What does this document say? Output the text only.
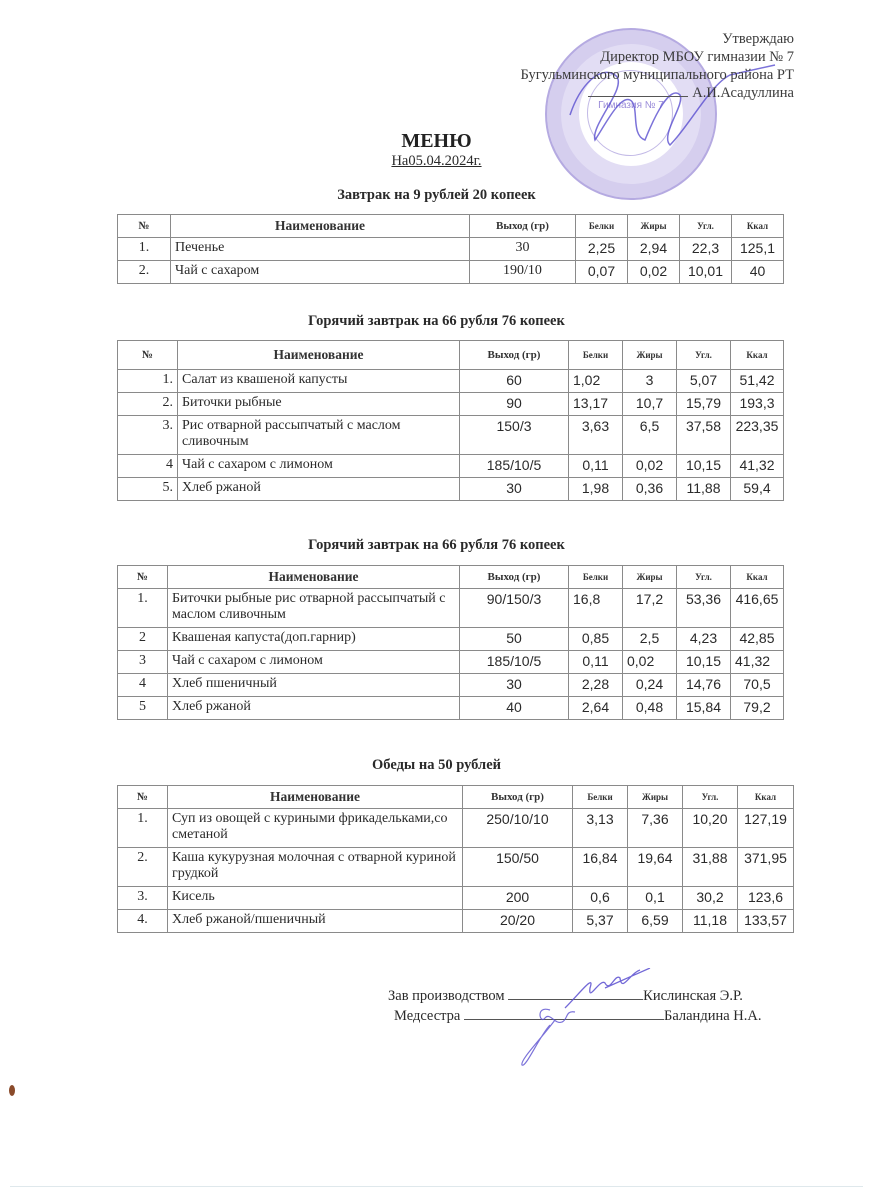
Гимназия № 7
Утверждаю
Директор МБОУ гимназии № 7
Бугульминского муниципального района РТ
А.И.Асадуллина
МЕНЮ
На05.04.2024г.
Завтрак на 9 рублей 20 копеек
№	Наименование	Выход (гр)	Белки	Жиры	Угл.	Ккал
1.	Печенье	30	2,25	2,94	22,3	125,1
2.	Чай с сахаром	190/10	0,07	0,02	10,01	40
Горячий завтрак на 66 рубля 76 копеек
№	Наименование	Выход (гр)	Белки	Жиры	Угл.	Ккал
1.	Салат из квашеной капусты	60	1,02	3	5,07	51,42
2.	Биточки рыбные	90	13,17	10,7	15,79	193,3
3.	Рис отварной рассыпчатый с маслом сливочным	150/3	3,63	6,5	37,58	223,35
4	Чай с сахаром с лимоном	185/10/5	0,11	0,02	10,15	41,32
5.	Хлеб ржаной	30	1,98	0,36	11,88	59,4
Горячий завтрак на 66 рубля 76 копеек
№	Наименование	Выход (гр)	Белки	Жиры	Угл.	Ккал
1.	Биточки рыбные рис отварной рассыпчатый с маслом сливочным	90/150/3	16,8	17,2	53,36	416,65
2	Квашеная капуста(доп.гарнир)	50	0,85	2,5	4,23	42,85
3	Чай с сахаром с лимоном	185/10/5	0,11	0,02	10,15	41,32
4	Хлеб пшеничный	30	2,28	0,24	14,76	70,5
5	Хлеб ржаной	40	2,64	0,48	15,84	79,2
Обеды на 50 рублей
№	Наименование	Выход (гр)	Белки	Жиры	Угл.	Ккал
1.	Суп из овощей с куриными фрикадельками,со сметаной	250/10/10	3,13	7,36	10,20	127,19
2.	Каша кукурузная молочная с отварной куриной грудкой	150/50	16,84	19,64	31,88	371,95
3.	Кисель	200	0,6	0,1	30,2	123,6
4.	Хлеб ржаной/пшеничный	20/20	5,37	6,59	11,18	133,57
Зав производством	Кислинская Э.Р.
Медсестра	Баландина Н.А.
